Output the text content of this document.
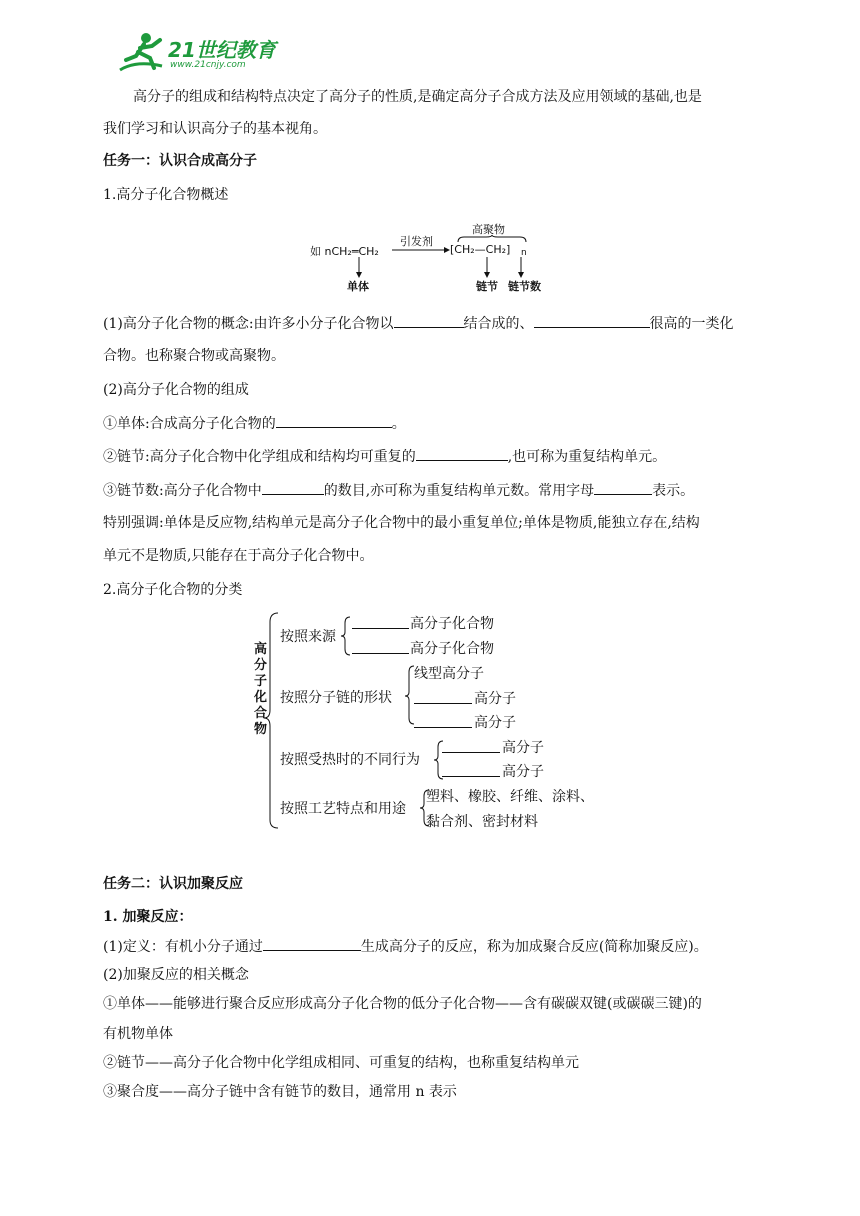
21世纪教育
www.21cnjy.com
高分子的组成和结构特点决定了高分子的性质,是确定高分子合成方法及应用领域的基础,也是
我们学习和认识高分子的基本视角。
任务一：认识合成高分子
1.高分子化合物概述
如 nCH₂═CH₂
引发剂
高聚物
[CH₂—CH₂] n
单体	链节 链节数
(1)高分子化合物的概念:由许多小分子化合物以	结合成的、	很高的一类化
合物。也称聚合物或高聚物。
(2)高分子化合物的组成
①单体:合成高分子化合物的	。
②链节:高分子化合物中化学组成和结构均可重复的	,也可称为重复结构单元。
③链节数:高分子化合物中	的数目,亦可称为重复结构单元数。常用字母	表示。
特别强调:单体是反应物,结构单元是高分子化合物中的最小重复单位;单体是物质,能独立存在,结构
单元不是物质,只能存在于高分子化合物中。
2.高分子化合物的分类
高分子化合物
按照来源
高分子化合物
高分子化合物
按照分子链的形状
线型高分子
高分子
高分子
按照受热时的不同行为
高分子
高分子
按照工艺特点和用途
塑料、橡胶、纤维、涂料、
黏合剂、密封材料
任务二：认识加聚反应
1. 加聚反应：
(1)定义：有机小分子通过	生成高分子的反应，称为加成聚合反应(简称加聚反应)。
(2)加聚反应的相关概念
①单体——能够进行聚合反应形成高分子化合物的低分子化合物——含有碳碳双键(或碳碳三键)的
有机物单体
②链节——高分子化合物中化学组成相同、可重复的结构，也称重复结构单元
③聚合度——高分子链中含有链节的数目，通常用 n 表示
